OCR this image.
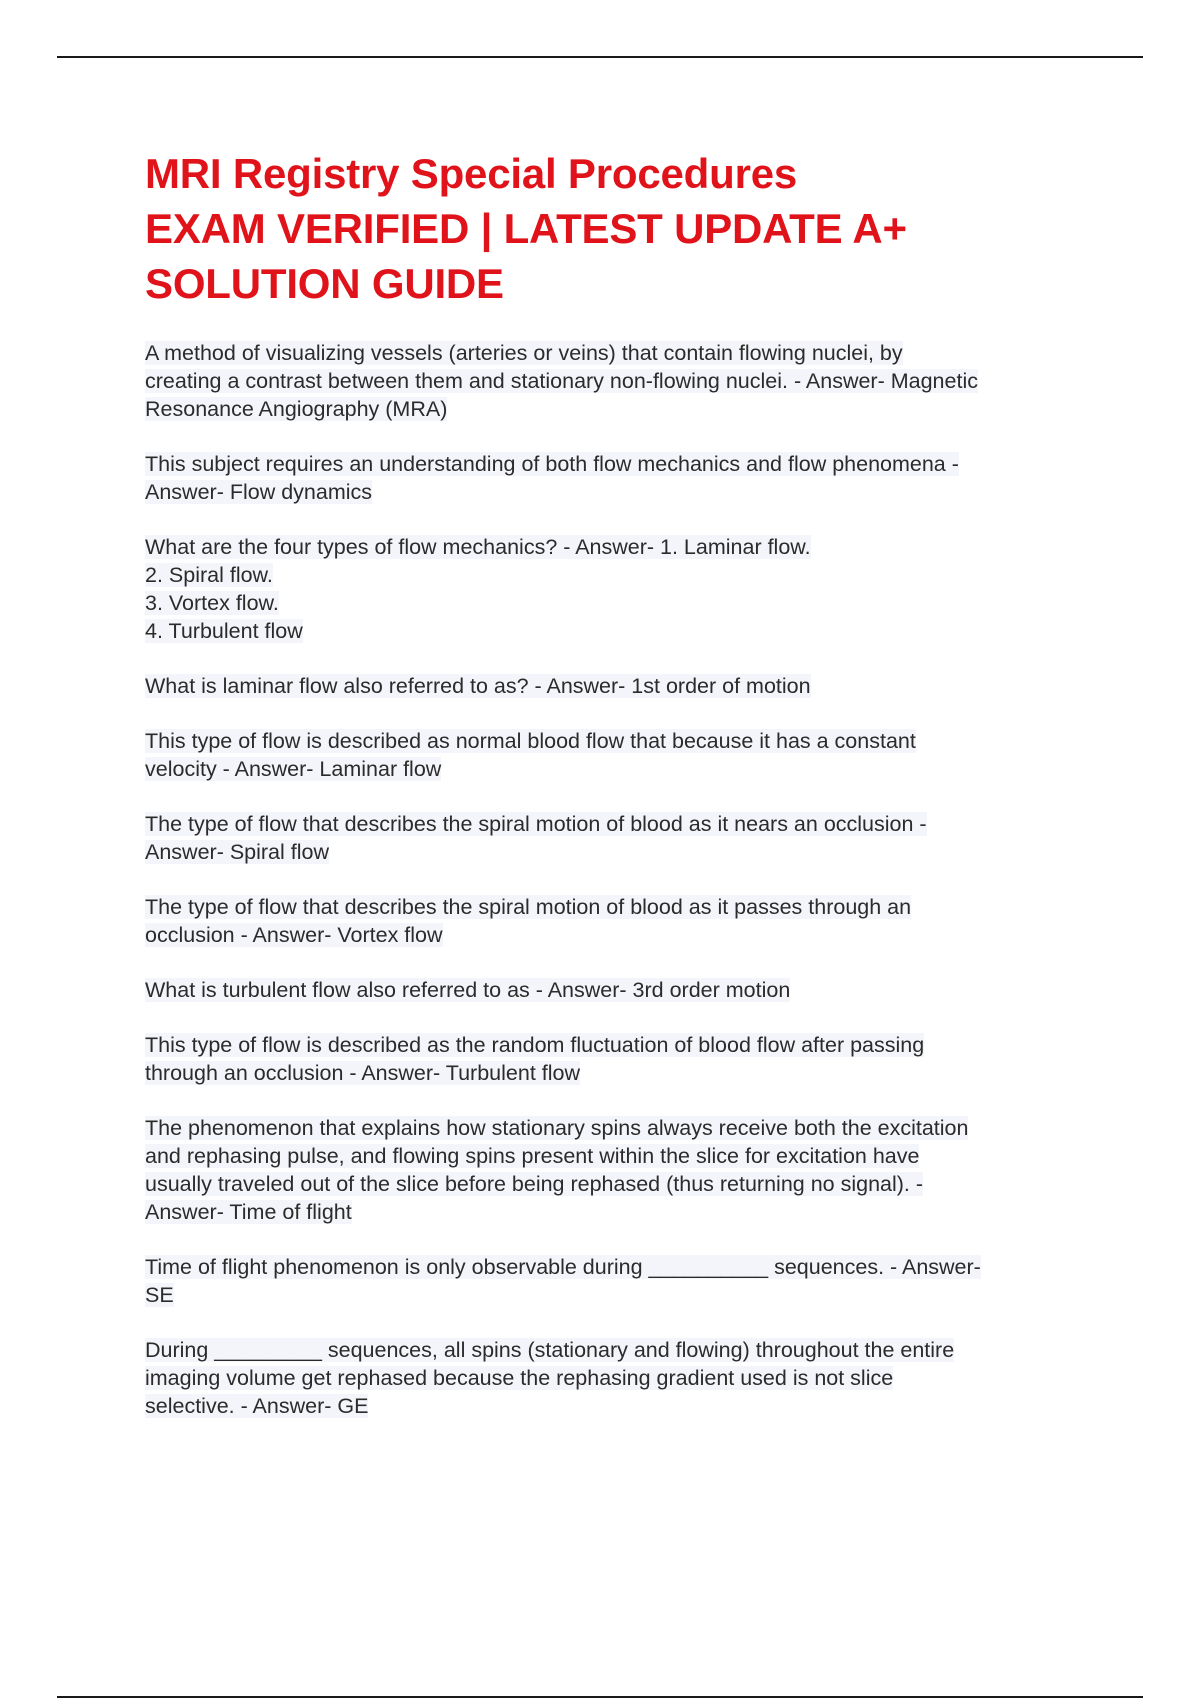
MRI Registry Special Procedures
EXAM VERIFIED | LATEST UPDATE A+
SOLUTION GUIDE

A method of visualizing vessels (arteries or veins) that contain flowing nuclei, by
creating a contrast between them and stationary non-flowing nuclei. - Answer- Magnetic
Resonance Angiography (MRA)

This subject requires an understanding of both flow mechanics and flow phenomena -
Answer- Flow dynamics

What are the four types of flow mechanics? - Answer- 1. Laminar flow.
2. Spiral flow.
3. Vortex flow.
4. Turbulent flow

What is laminar flow also referred to as? - Answer- 1st order of motion

This type of flow is described as normal blood flow that because it has a constant
velocity - Answer- Laminar flow

The type of flow that describes the spiral motion of blood as it nears an occlusion -
Answer- Spiral flow

The type of flow that describes the spiral motion of blood as it passes through an
occlusion - Answer- Vortex flow

What is turbulent flow also referred to as - Answer- 3rd order motion

This type of flow is described as the random fluctuation of blood flow after passing
through an occlusion - Answer- Turbulent flow

The phenomenon that explains how stationary spins always receive both the excitation
and rephasing pulse, and flowing spins present within the slice for excitation have
usually traveled out of the slice before being rephased (thus returning no signal). -
Answer- Time of flight

Time of flight phenomenon is only observable during __________ sequences. - Answer-
SE

During _________ sequences, all spins (stationary and flowing) throughout the entire
imaging volume get rephased because the rephasing gradient used is not slice
selective. - Answer- GE
